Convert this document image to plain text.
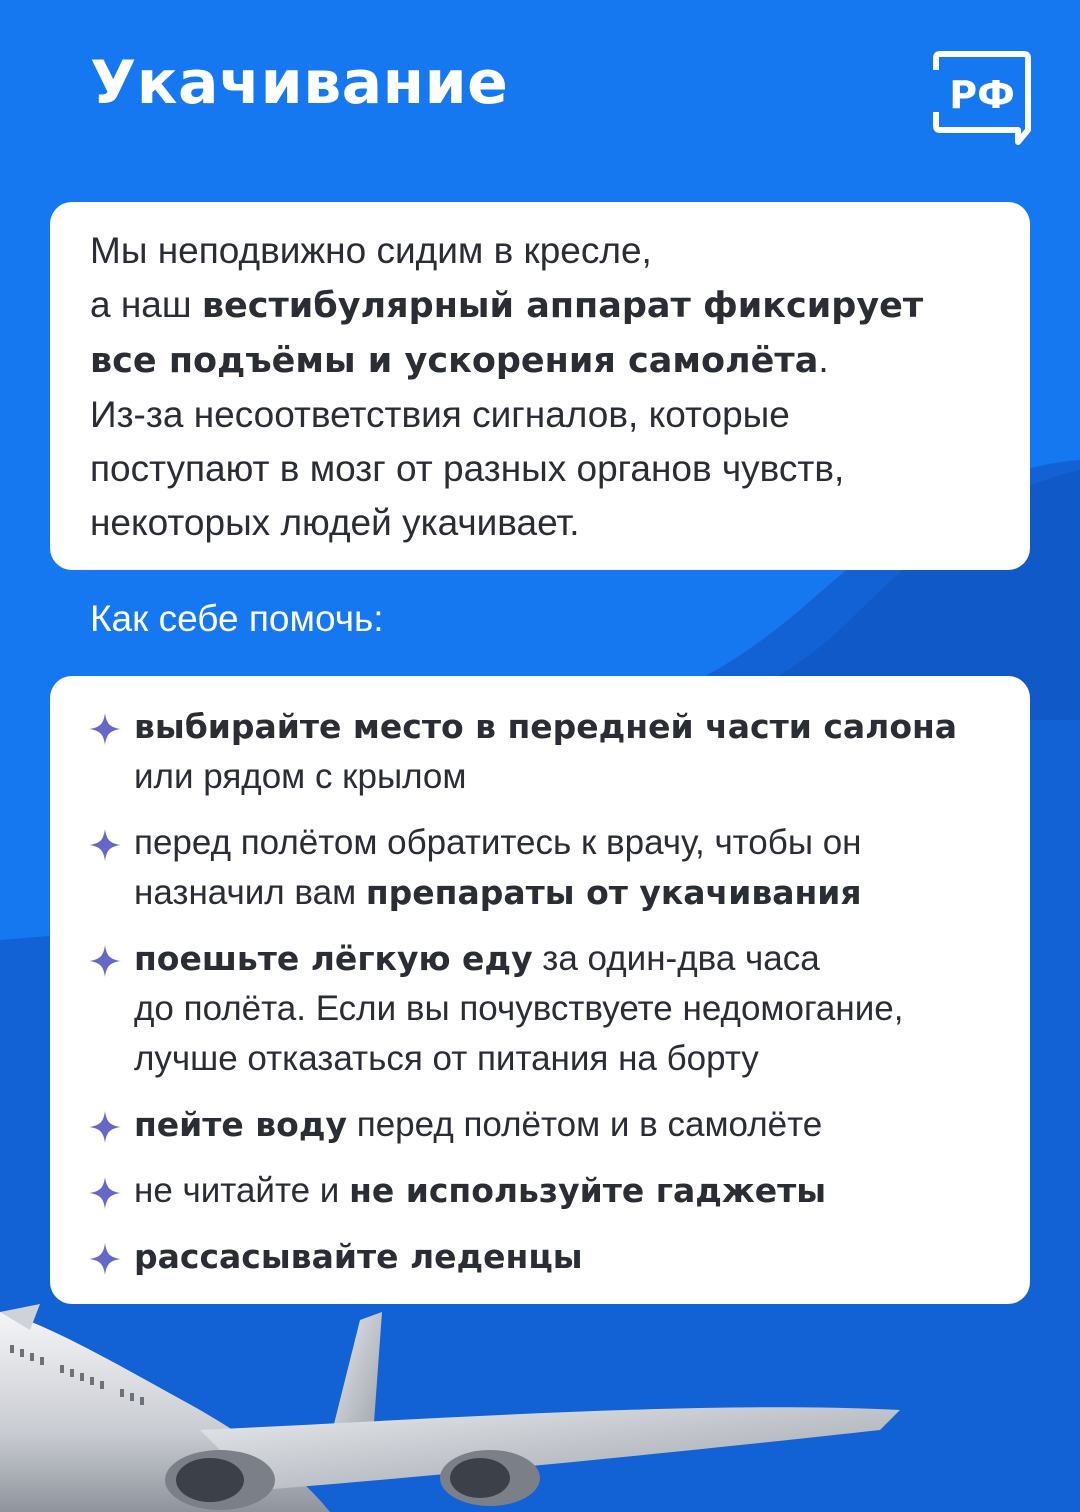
Укачивание	РФ

Мы неподвижно сидим в кресле,
а наш вестибулярный аппарат фиксирует
все подъёмы и ускорения самолёта.
Из-за несоответствия сигналов, которые
поступают в мозг от разных органов чувств,
некоторых людей укачивает.

Как себе помочь:
выбирайте место в передней части салона
или рядом с крылом
перед полётом обратитесь к врачу, чтобы он
назначил вам препараты от укачивания
поешьте лёгкую еду за один-два часа
до полёта. Если вы почувствуете недомогание,
лучше отказаться от питания на борту
пейте воду перед полётом и в самолёте
не читайте и не используйте гаджеты
рассасывайте леденцы
